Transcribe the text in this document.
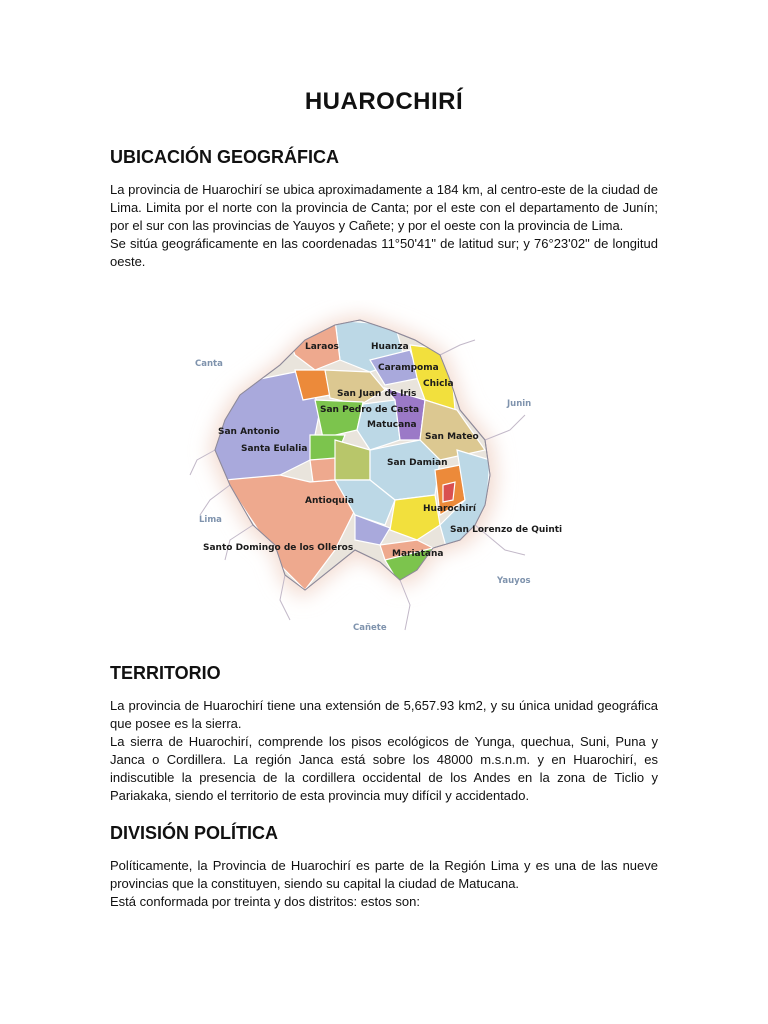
HUAROCHIRÍ
UBICACIÓN GEOGRÁFICA

La provincia de Huarochirí se ubica aproximadamente a 184 km, al centro-este de la ciudad de Lima. Limita por el norte con la provincia de Canta; por el este con el departamento de Junín; por el sur con las provincias de Yauyos y Cañete; y por el oeste con la provincia de Lima.

Se sitúa geográficamente en las coordenadas 11°50'41" de latitud sur; y 76°23'02" de longitud oeste.

Canta
Junin
Lima
Yauyos
Cañete
Laraos	Huanza
Carampoma
Chicla
San Juan de Iris
San Pedro de Casta
Matucana
San Mateo
San Antonio
Santa Eulalia
San Damian
Antioquia
Huarochirí
San Lorenzo de Quinti
Santo Domingo de los Olleros
Mariatana
TERRITORIO

La provincia de Huarochirí tiene una extensión de 5,657.93 km2, y su única unidad geográfica que posee es la sierra.

La sierra de Huarochirí, comprende los pisos ecológicos de Yunga, quechua, Suni, Puna y Janca o Cordillera. La región Janca está sobre los 48000 m.s.n.m. y en Huarochirí, es indiscutible la presencia de la cordillera occidental de los Andes en la zona de Ticlio y Pariakaka, siendo el territorio de esta provincia muy difícil y accidentado.

DIVISIÓN POLÍTICA

Políticamente, la Provincia de Huarochirí es parte de la Región Lima y es una de las nueve provincias que la constituyen, siendo su capital la ciudad de Matucana.

Está conformada por treinta y dos distritos: estos son:
